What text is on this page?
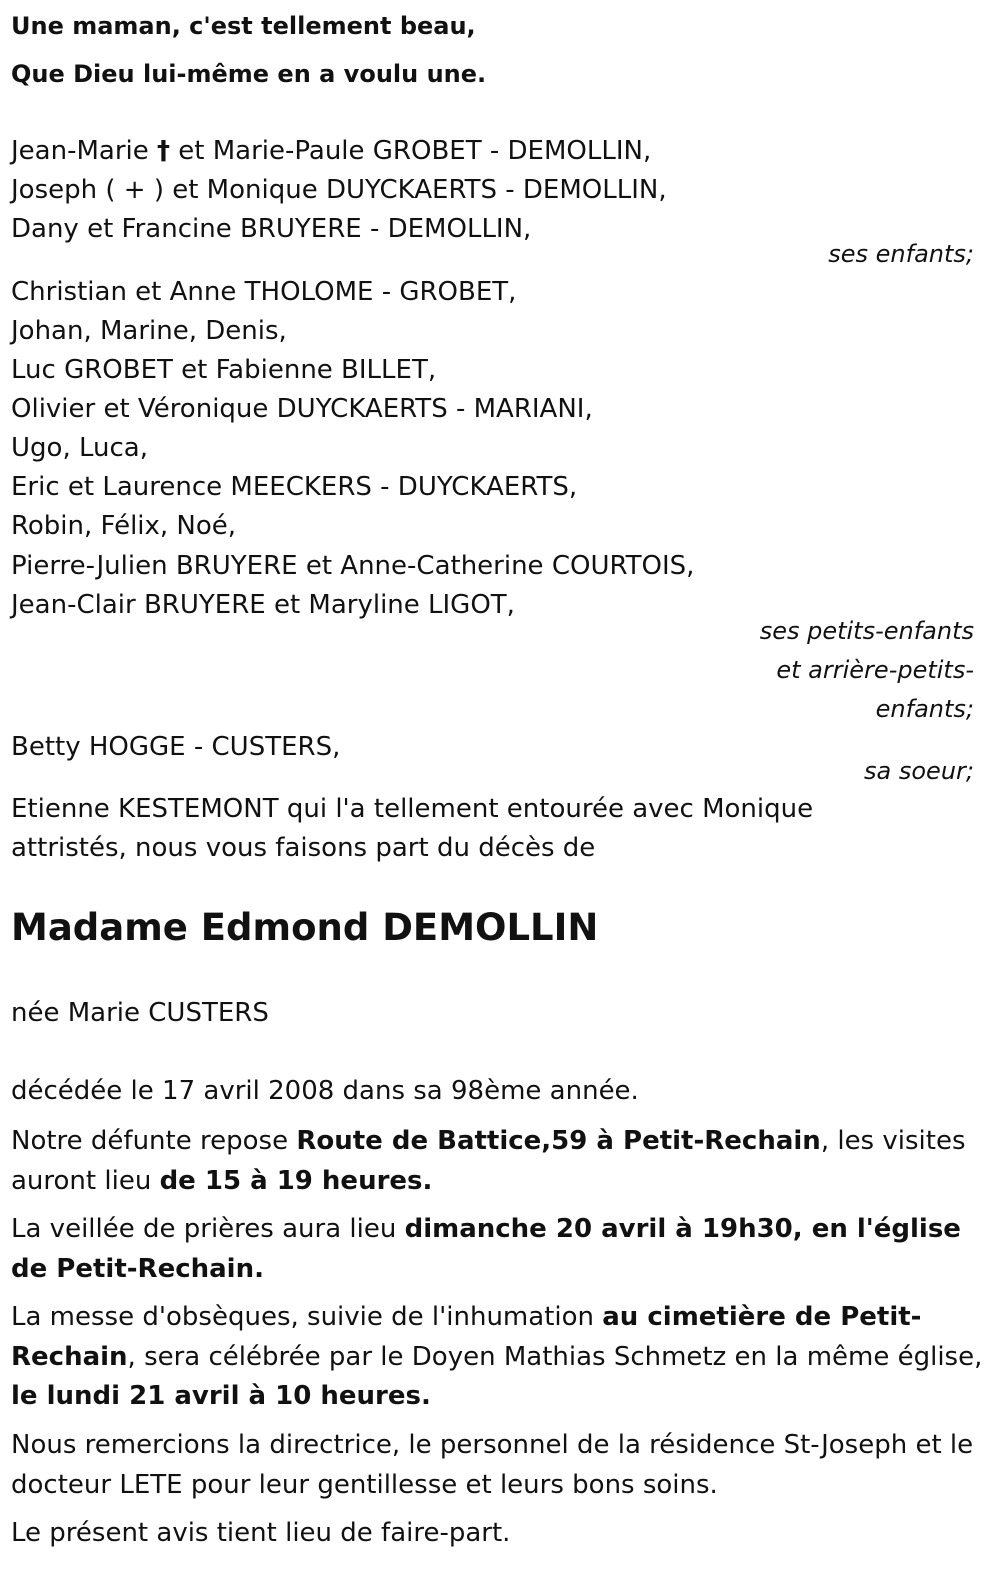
Une maman, c'est tellement beau,
Que Dieu lui-même en a voulu une.
Jean-Marie † et Marie-Paule GROBET - DEMOLLIN,
Joseph ( + ) et Monique DUYCKAERTS - DEMOLLIN,
Dany et Francine BRUYERE - DEMOLLIN,
ses enfants;
Christian et Anne THOLOME - GROBET,
Johan, Marine, Denis,
Luc GROBET et Fabienne BILLET,
Olivier et Véronique DUYCKAERTS - MARIANI,
Ugo, Luca,
Eric et Laurence MEECKERS - DUYCKAERTS,
Robin, Félix, Noé,
Pierre-Julien BRUYERE et Anne-Catherine COURTOIS,
Jean-Clair BRUYERE et Maryline LIGOT,
ses petits-enfants
et arrière-petits-
enfants;
Betty HOGGE - CUSTERS,
sa soeur;
Etienne KESTEMONT qui l'a tellement entourée avec Monique
attristés, nous vous faisons part du décès de
Madame Edmond DEMOLLIN
née Marie CUSTERS
décédée le 17 avril 2008 dans sa 98ème année.
Notre défunte repose Route de Battice,59 à Petit-Rechain, les visites auront lieu de 15 à 19 heures.
La veillée de prières aura lieu dimanche 20 avril à 19h30, en l'église de Petit-Rechain.
La messe d'obsèques, suivie de l'inhumation au cimetière de Petit-Rechain, sera célébrée par le Doyen Mathias Schmetz en la même église, le lundi 21 avril à 10 heures.
Nous remercions la directrice, le personnel de la résidence St-Joseph et le docteur LETE pour leur gentillesse et leurs bons soins.
Le présent avis tient lieu de faire-part.
